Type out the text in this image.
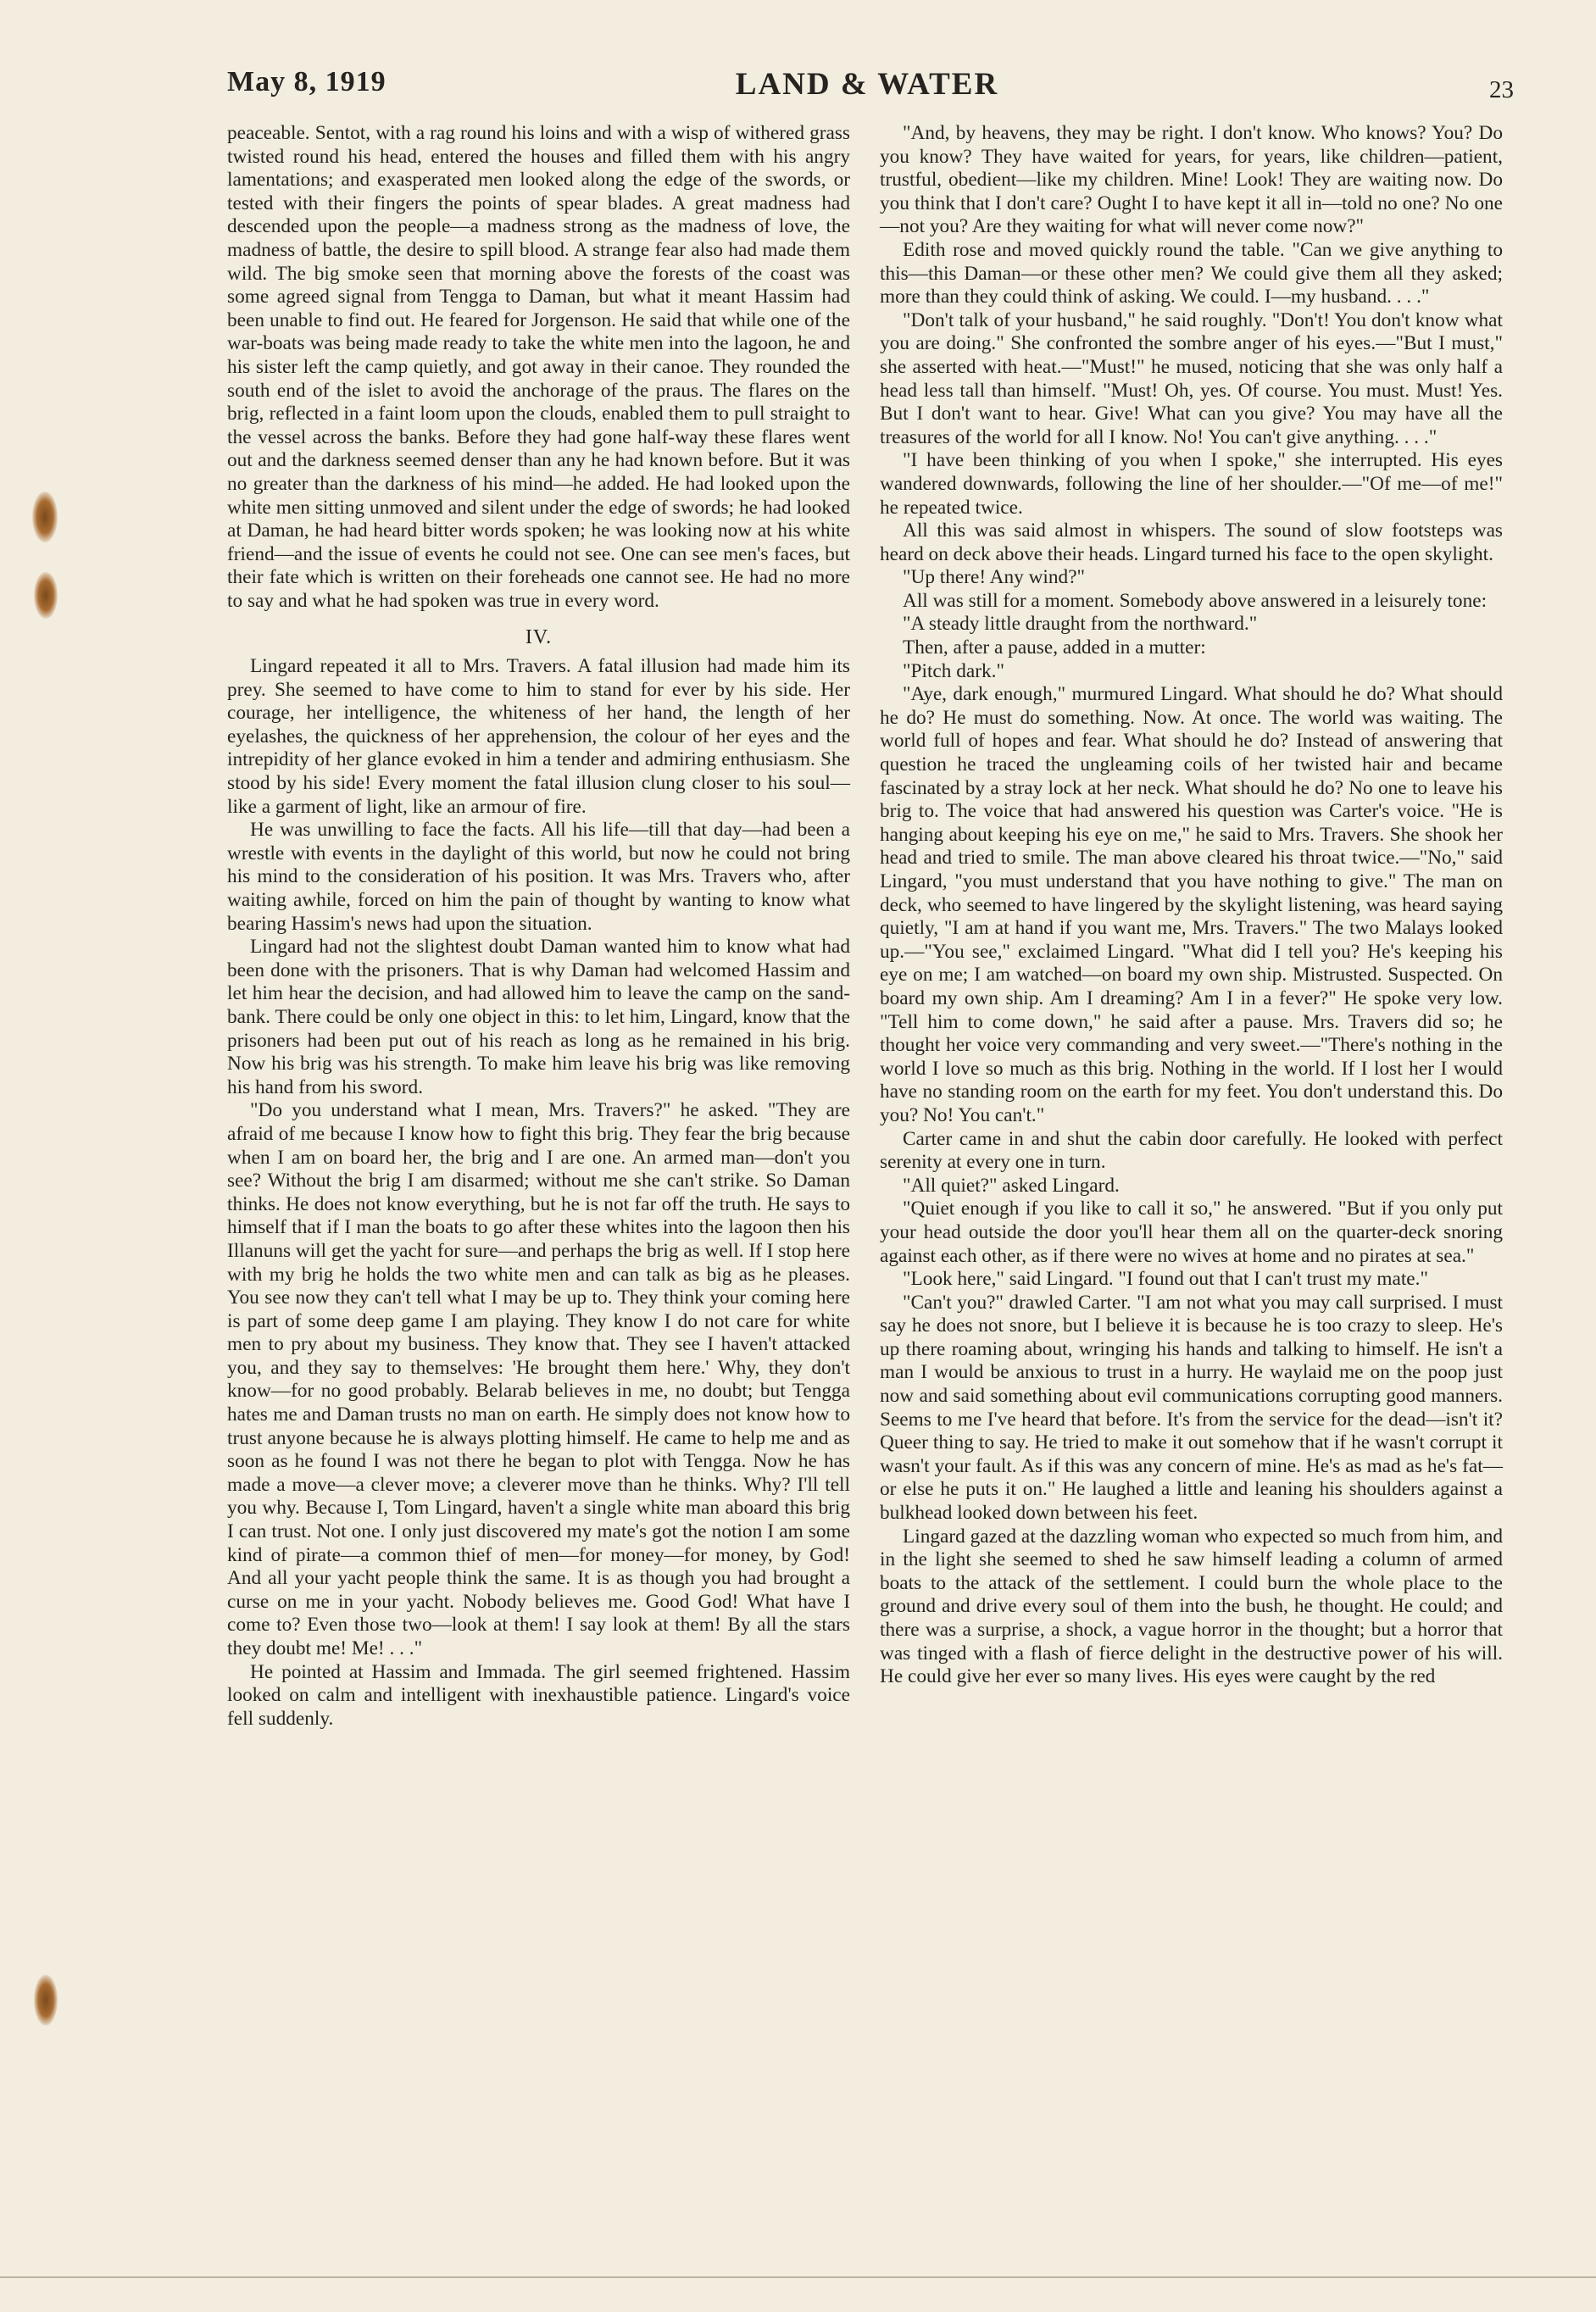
May 8, 1919	LAND & WATER	23

peaceable. Sentot, with a rag round his loins and with a wisp of withered grass twisted round his head, entered the houses and filled them with his angry lamentations; and exasperated men looked along the edge of the swords, or tested with their fingers the points of spear blades. A great madness had descended upon the people—a madness strong as the madness of love, the madness of battle, the desire to spill blood. A strange fear also had made them wild. The big smoke seen that morning above the forests of the coast was some agreed signal from Tengga to Daman, but what it meant Hassim had been unable to find out. He feared for Jorgenson. He said that while one of the war-boats was being made ready to take the white men into the lagoon, he and his sister left the camp quietly, and got away in their canoe. They rounded the south end of the islet to avoid the anchorage of the praus. The flares on the brig, reflected in a faint loom upon the clouds, enabled them to pull straight to the vessel across the banks. Before they had gone half-way these flares went out and the darkness seemed denser than any he had known before. But it was no greater than the darkness of his mind—he added. He had looked upon the white men sitting unmoved and silent under the edge of swords; he had looked at Daman, he had heard bitter words spoken; he was looking now at his white friend—and the issue of events he could not see. One can see men's faces, but their fate which is written on their foreheads one cannot see. He had no more to say and what he had spoken was true in every word.

IV.

Lingard repeated it all to Mrs. Travers. A fatal illusion had made him its prey. She seemed to have come to him to stand for ever by his side. Her courage, her intelligence, the whiteness of her hand, the length of her eyelashes, the quickness of her apprehension, the colour of her eyes and the intrepidity of her glance evoked in him a tender and admiring enthusiasm. She stood by his side! Every moment the fatal illusion clung closer to his soul—like a garment of light, like an armour of fire.

He was unwilling to face the facts. All his life—till that day—had been a wrestle with events in the daylight of this world, but now he could not bring his mind to the consideration of his position. It was Mrs. Travers who, after waiting awhile, forced on him the pain of thought by wanting to know what bearing Hassim's news had upon the situation.

Lingard had not the slightest doubt Daman wanted him to know what had been done with the prisoners. That is why Daman had welcomed Hassim and let him hear the decision, and had allowed him to leave the camp on the sand-bank. There could be only one object in this: to let him, Lingard, know that the prisoners had been put out of his reach as long as he remained in his brig. Now his brig was his strength. To make him leave his brig was like removing his hand from his sword.

"Do you understand what I mean, Mrs. Travers?" he asked. "They are afraid of me because I know how to fight this brig. They fear the brig because when I am on board her, the brig and I are one. An armed man—don't you see? Without the brig I am disarmed; without me she can't strike. So Daman thinks. He does not know everything, but he is not far off the truth. He says to himself that if I man the boats to go after these whites into the lagoon then his Illanuns will get the yacht for sure—and perhaps the brig as well. If I stop here with my brig he holds the two white men and can talk as big as he pleases. You see now they can't tell what I may be up to. They think your coming here is part of some deep game I am playing. They know I do not care for white men to pry about my business. They know that. They see I haven't attacked you, and they say to themselves: 'He brought them here.' Why, they don't know—for no good probably. Belarab believes in me, no doubt; but Tengga hates me and Daman trusts no man on earth. He simply does not know how to trust anyone because he is always plotting himself. He came to help me and as soon as he found I was not there he began to plot with Tengga. Now he has made a move—a clever move; a cleverer move than he thinks. Why? I'll tell you why. Because I, Tom Lingard, haven't a single white man aboard this brig I can trust. Not one. I only just discovered my mate's got the notion I am some kind of pirate—a common thief of men—for money—for money, by God! And all your yacht people think the same. It is as though you had brought a curse on me in your yacht. Nobody believes me. Good God! What have I come to? Even those two—look at them! I say look at them! By all the stars they doubt me! Me! . . ."

He pointed at Hassim and Immada. The girl seemed frightened. Hassim looked on calm and intelligent with inexhaustible patience. Lingard's voice fell suddenly.

"And, by heavens, they may be right. I don't know. Who knows? You? Do you know? They have waited for years, for years, like children—patient, trustful, obedient—like my children. Mine! Look! They are waiting now. Do you think that I don't care? Ought I to have kept it all in—told no one? No one—not you? Are they waiting for what will never come now?"

Edith rose and moved quickly round the table. "Can we give anything to this—this Daman—or these other men? We could give them all they asked; more than they could think of asking. We could. I—my husband. . . ."

"Don't talk of your husband," he said roughly. "Don't! You don't know what you are doing." She confronted the sombre anger of his eyes.—"But I must," she asserted with heat.—"Must!" he mused, noticing that she was only half a head less tall than himself. "Must! Oh, yes. Of course. You must. Must! Yes. But I don't want to hear. Give! What can you give? You may have all the treasures of the world for all I know. No! You can't give anything. . . ."

"I have been thinking of you when I spoke," she interrupted. His eyes wandered downwards, following the line of her shoulder.—"Of me—of me!" he repeated twice.

All this was said almost in whispers. The sound of slow footsteps was heard on deck above their heads. Lingard turned his face to the open skylight.

"Up there! Any wind?"

All was still for a moment. Somebody above answered in a leisurely tone:

"A steady little draught from the northward."

Then, after a pause, added in a mutter:

"Pitch dark."

"Aye, dark enough," murmured Lingard. What should he do? What should he do? He must do something. Now. At once. The world was waiting. The world full of hopes and fear. What should he do? Instead of answering that question he traced the ungleaming coils of her twisted hair and became fascinated by a stray lock at her neck. What should he do? No one to leave his brig to. The voice that had answered his question was Carter's voice. "He is hanging about keeping his eye on me," he said to Mrs. Travers. She shook her head and tried to smile. The man above cleared his throat twice.—"No," said Lingard, "you must understand that you have nothing to give." The man on deck, who seemed to have lingered by the skylight listening, was heard saying quietly, "I am at hand if you want me, Mrs. Travers." The two Malays looked up.—"You see," exclaimed Lingard. "What did I tell you? He's keeping his eye on me; I am watched—on board my own ship. Mistrusted. Suspected. On board my own ship. Am I dreaming? Am I in a fever?" He spoke very low. "Tell him to come down," he said after a pause. Mrs. Travers did so; he thought her voice very commanding and very sweet.—"There's nothing in the world I love so much as this brig. Nothing in the world. If I lost her I would have no standing room on the earth for my feet. You don't understand this. Do you? No! You can't."

Carter came in and shut the cabin door carefully. He looked with perfect serenity at every one in turn.

"All quiet?" asked Lingard.

"Quiet enough if you like to call it so," he answered. "But if you only put your head outside the door you'll hear them all on the quarter-deck snoring against each other, as if there were no wives at home and no pirates at sea."

"Look here," said Lingard. "I found out that I can't trust my mate."

"Can't you?" drawled Carter. "I am not what you may call surprised. I must say he does not snore, but I believe it is because he is too crazy to sleep. He's up there roaming about, wringing his hands and talking to himself. He isn't a man I would be anxious to trust in a hurry. He waylaid me on the poop just now and said something about evil communications corrupting good manners. Seems to me I've heard that before. It's from the service for the dead—isn't it? Queer thing to say. He tried to make it out somehow that if he wasn't corrupt it wasn't your fault. As if this was any concern of mine. He's as mad as he's fat—or else he puts it on." He laughed a little and leaning his shoulders against a bulkhead looked down between his feet.

Lingard gazed at the dazzling woman who expected so much from him, and in the light she seemed to shed he saw himself leading a column of armed boats to the attack of the settlement. I could burn the whole place to the ground and drive every soul of them into the bush, he thought. He could; and there was a surprise, a shock, a vague horror in the thought; but a horror that was tinged with a flash of fierce delight in the destructive power of his will. He could give her ever so many lives. His eyes were caught by the red
